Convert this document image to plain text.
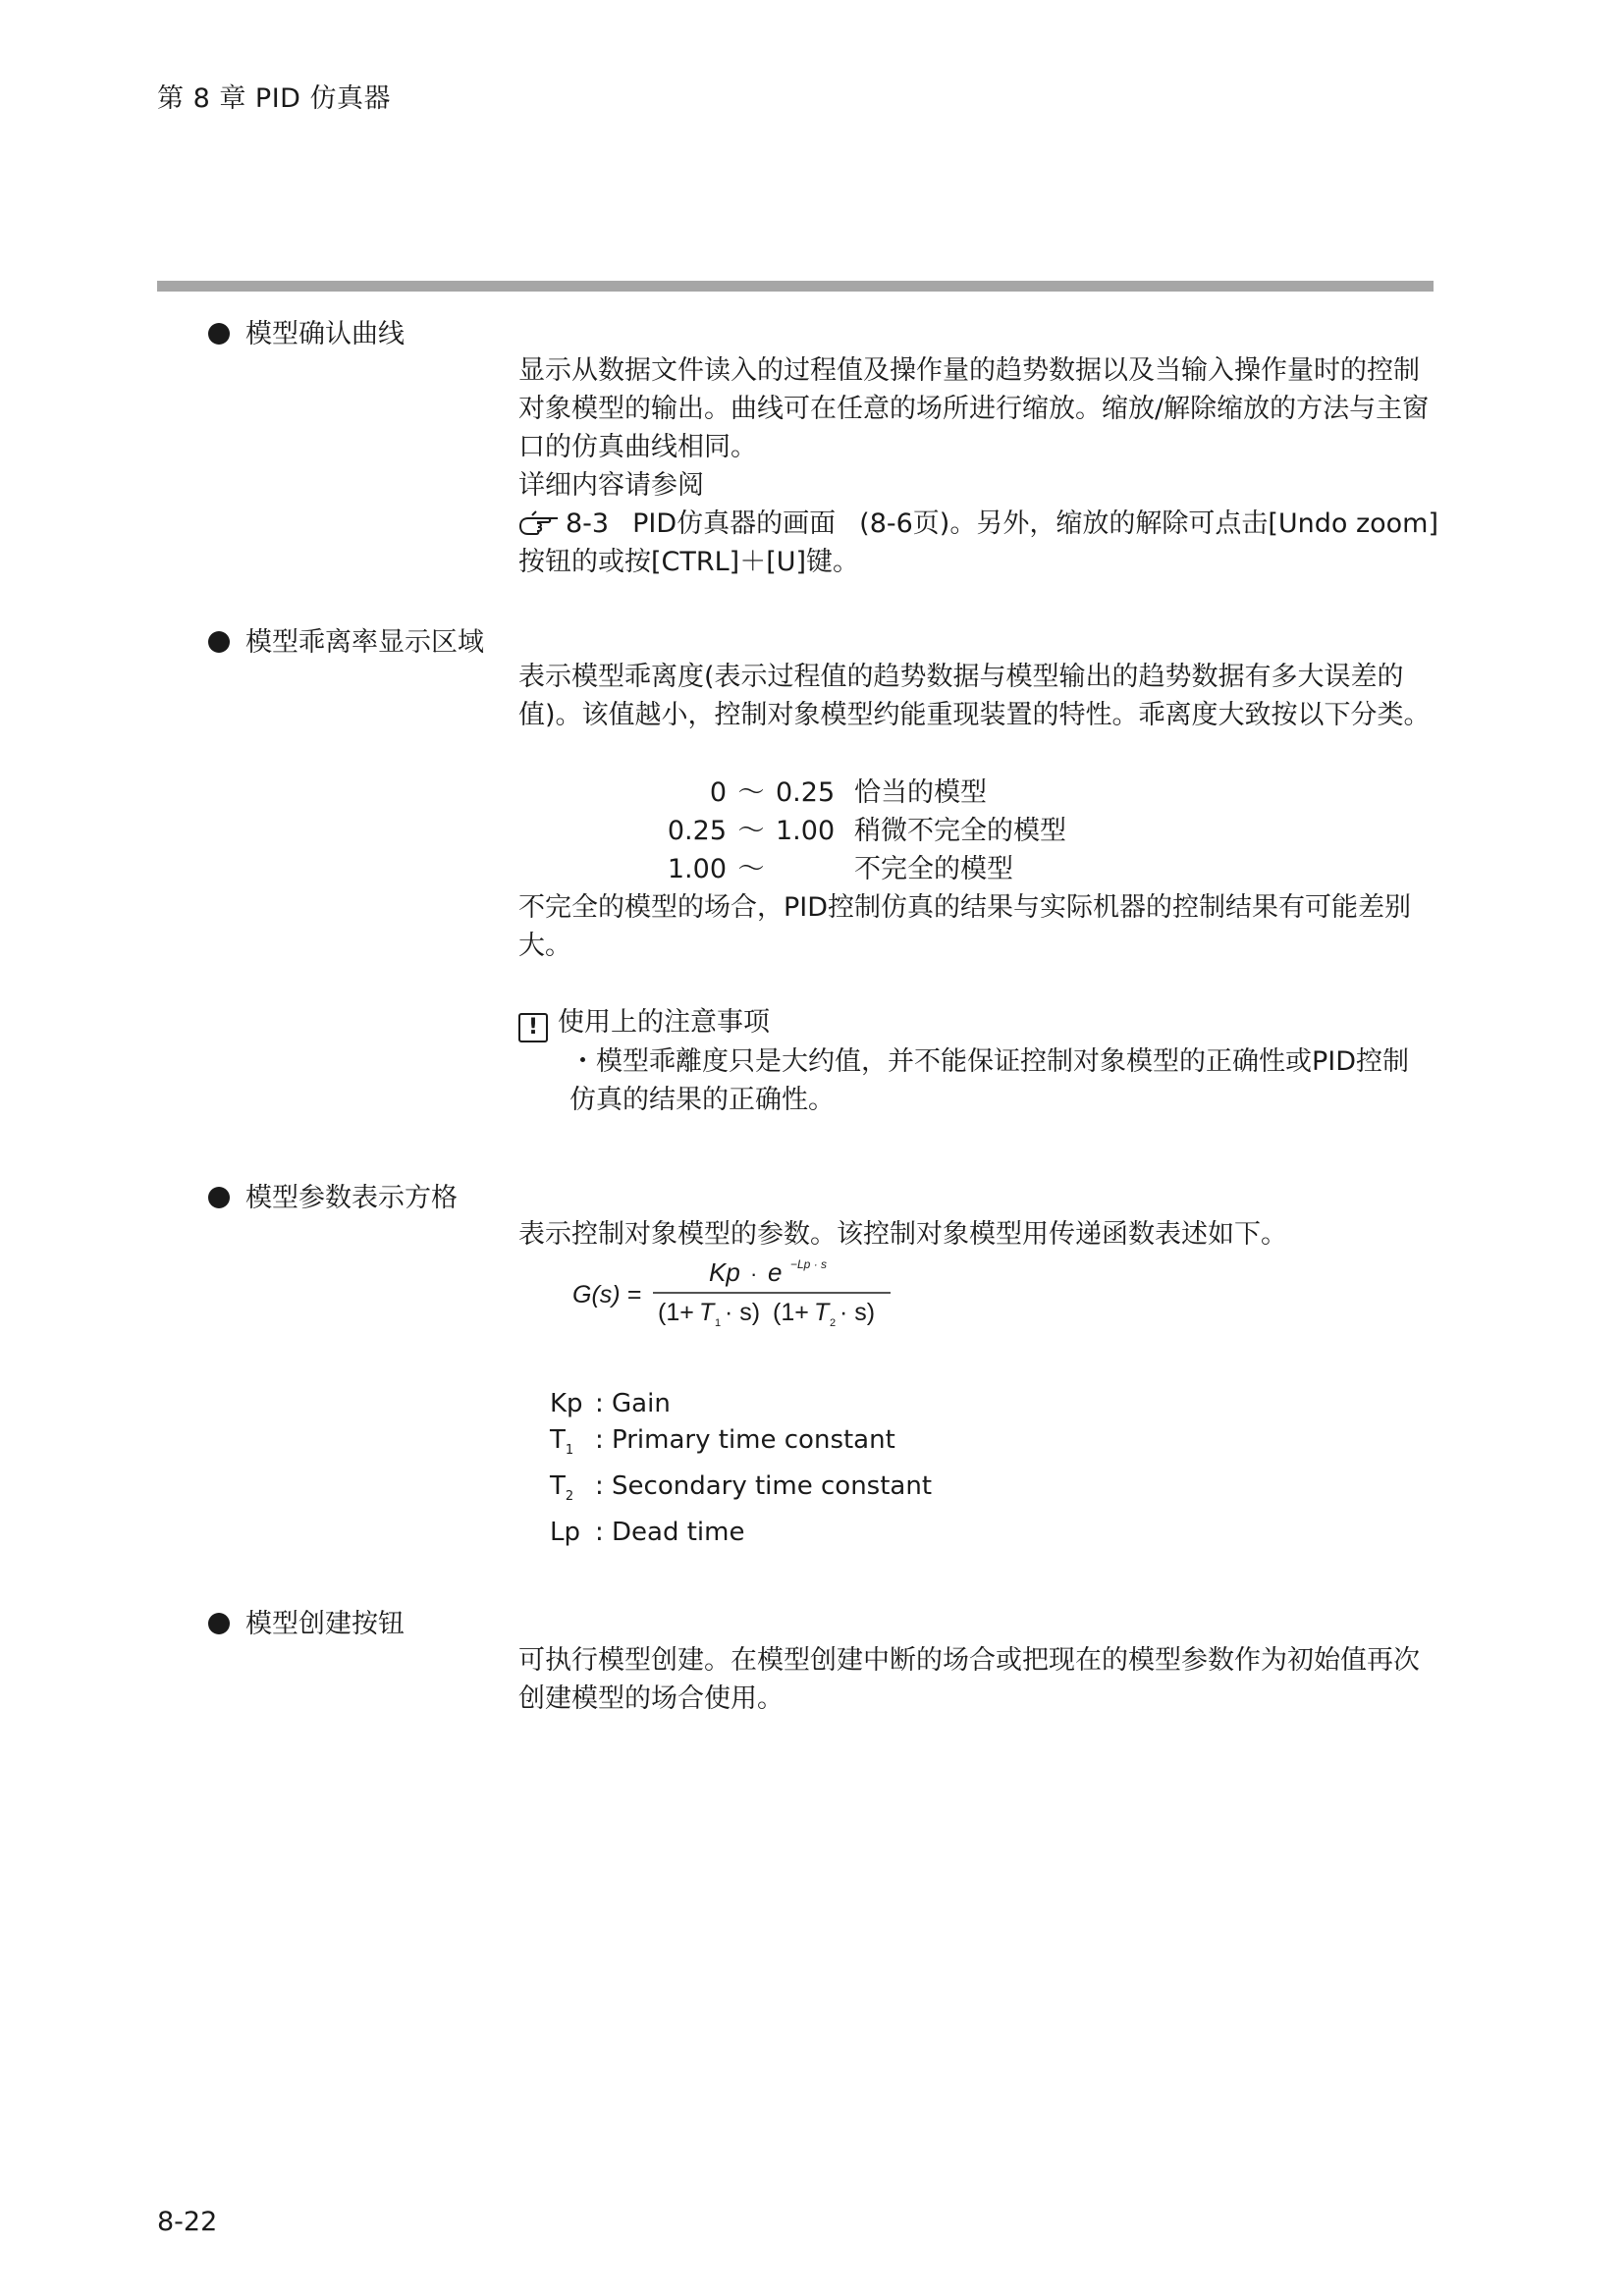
第 8 章 PID 仿真器
模型确认曲线

显示从数据文件读入的过程值及操作量的趋势数据以及当输入操作量时的控制对象模型的输出。曲线可在任意的场所进行缩放。缩放/解除缩放的方法与主窗口的仿真曲线相同。

详细内容请参阅

8-3 PID仿真器的画面 (8-6页)。另外，缩放的解除可点击[Undo zoom]

按钮的或按[CTRL]＋[U]键。

模型乖离率显示区域

表示模型乖离度(表示过程值的趋势数据与模型输出的趋势数据有多大误差的值)。该值越小，控制对象模型约能重现装置的特性。乖离度大致按以下分类。

0 ～ 0.25 恰当的模型
0.25 ～ 1.00 稍微不完全的模型
1.00 ～	不完全的模型

不完全的模型的场合，PID控制仿真的结果与实际机器的控制结果有可能差别大。

! 使用上的注意事项
・模型乖離度只是大约值，并不能保证控制对象模型的正确性或PID控制仿真的结果的正确性。
模型参数表示方格

表示控制对象模型的参数。该控制对象模型用传递函数表述如下。

G(s) =
Kp · e −Lp · s
(1+ T 1 · s) (1+ T 2 · s)
Kp : Gain
$T_1$ : Primary time constant
$T_2$ : Secondary time constant
Lp : Dead time
模型创建按钮

可执行模型创建。在模型创建中断的场合或把现在的模型参数作为初始值再次创建模型的场合使用。

8-22
